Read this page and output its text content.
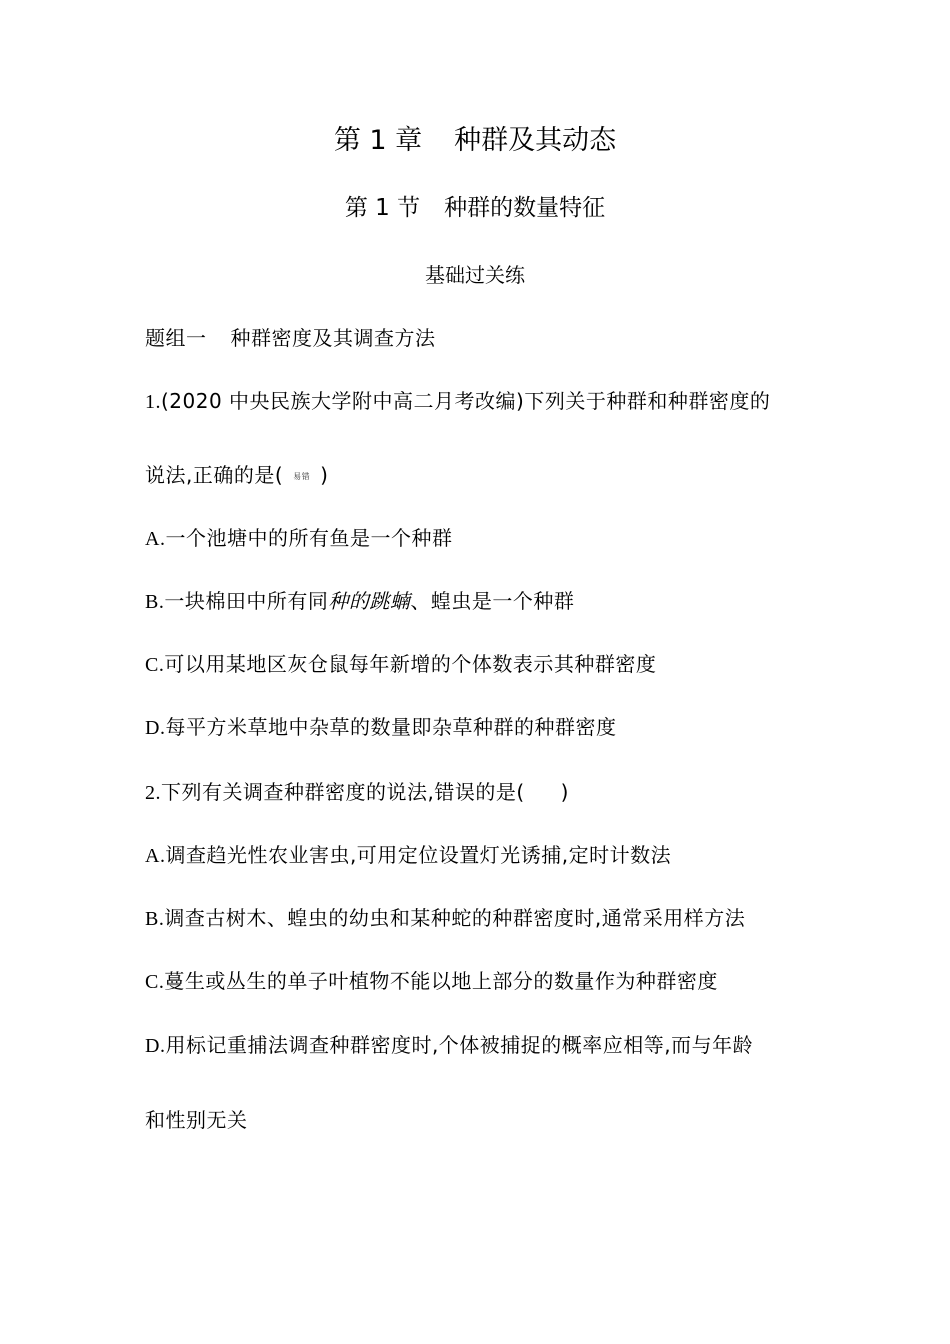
第 1 章 种群及其动态
第 1 节 种群的数量特征
基础过关练
题组一 种群密度及其调查方法
1.(2020 中央民族大学附中高二月考改编)下列关于种群和种群密度的
说法,正确的是( 易错 )
A.一个池塘中的所有鱼是一个种群
B.一块棉田中所有同种的跳蝻、蝗虫是一个种群
C.可以用某地区灰仓鼠每年新增的个体数表示其种群密度
D.每平方米草地中杂草的数量即杂草种群的种群密度
2.下列有关调查种群密度的说法,错误的是( )
A.调查趋光性农业害虫,可用定位设置灯光诱捕,定时计数法
B.调查古树木、蝗虫的幼虫和某种蛇的种群密度时,通常采用样方法
C.蔓生或丛生的单子叶植物不能以地上部分的数量作为种群密度
D.用标记重捕法调查种群密度时,个体被捕捉的概率应相等,而与年龄
和性别无关
